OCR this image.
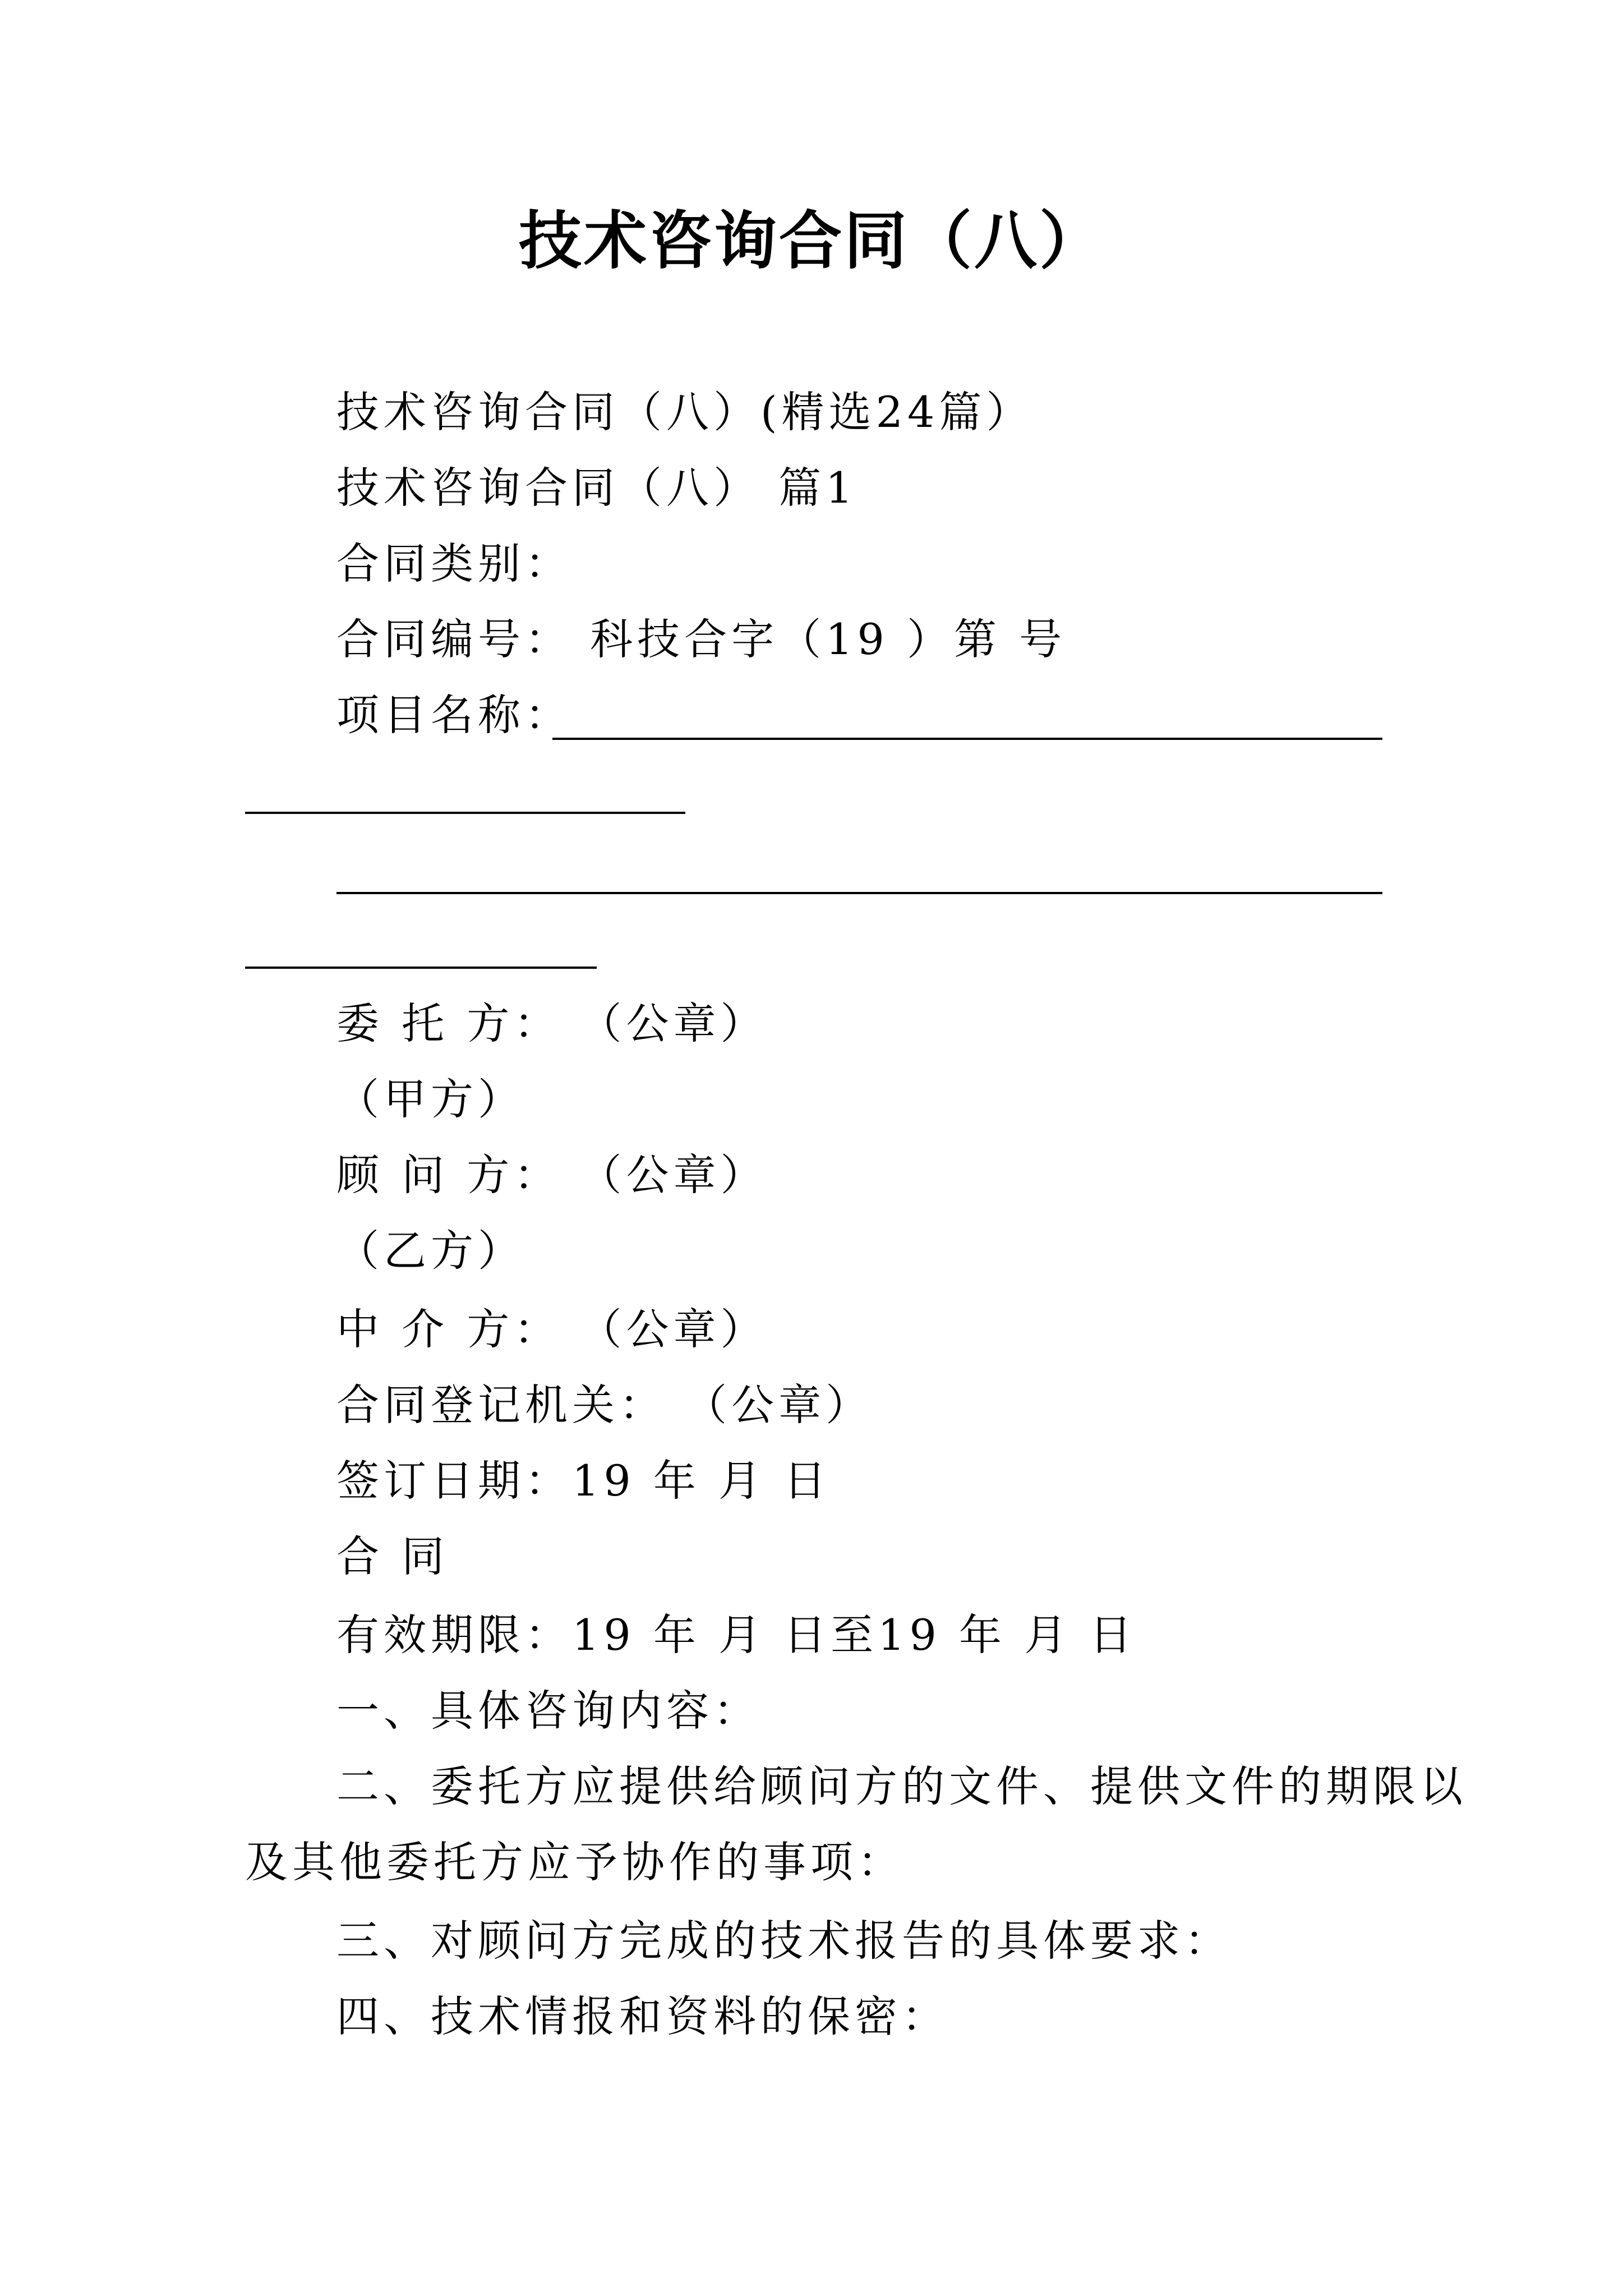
技术咨询合同（八）
技术咨询合同（八）(精选24篇）
技术咨询合同（八） 篇1
合同类别：
合同编号： 科技合字（19 ）第 号
项目名称：
委 托 方： （公章）
（甲方）
顾 问 方： （公章）
（乙方）
中 介 方： （公章）
合同登记机关： （公章）
签订日期：19 年 月 日
合 同
有效期限：19 年 月 日至19 年 月 日
一、具体咨询内容：
二、委托方应提供给顾问方的文件、提供文件的期限以
及其他委托方应予协作的事项：
三、对顾问方完成的技术报告的具体要求：
四、技术情报和资料的保密：
